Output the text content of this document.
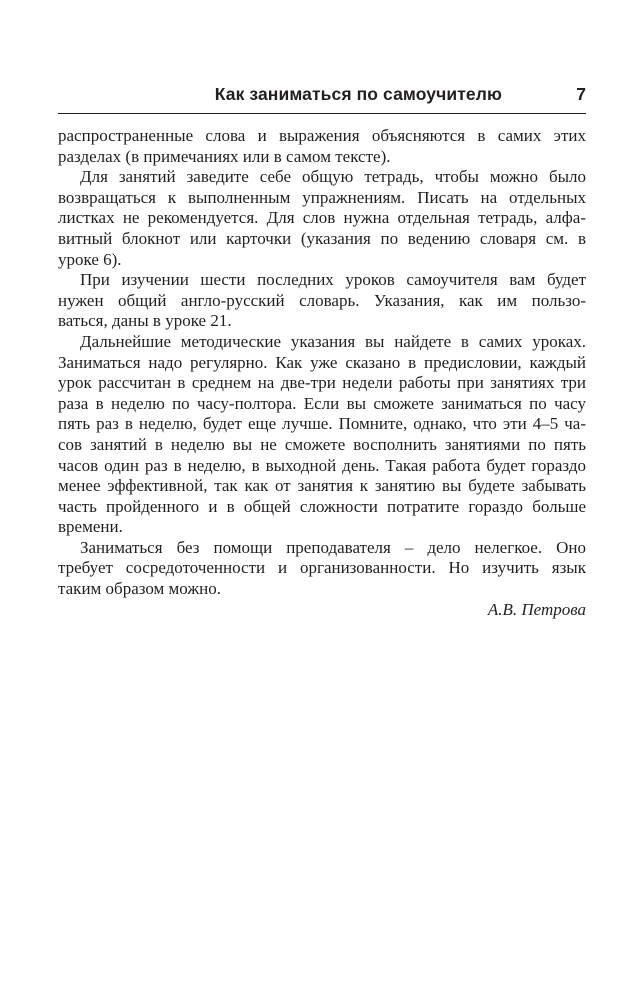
Как заниматься по самоучителю	7
распространенные слова и выражения объясняются в самих этих
разделах (в примечаниях или в самом тексте).
Для занятий заведите себе общую тетрадь, чтобы можно было
возвращаться к выполненным упражнениям. Писать на отдельных
листках не рекомендуется. Для слов нужна отдельная тетрадь, алфа-
витный блокнот или карточки (указания по ведению словаря см. в
уроке 6).
При изучении шести последних уроков самоучителя вам будет
нужен общий англо-русский словарь. Указания, как им пользо-
ваться, даны в уроке 21.
Дальнейшие методические указания вы найдете в самих уроках.
Заниматься надо регулярно. Как уже сказано в предисловии, каждый
урок рассчитан в среднем на две-три недели работы при занятиях три
раза в неделю по часу-полтора. Если вы сможете заниматься по часу
пять раз в неделю, будет еще лучше. Помните, однако, что эти 4–5 ча-
сов занятий в неделю вы не сможете восполнить занятиями по пять
часов один раз в неделю, в выходной день. Такая работа будет гораздо
менее эффективной, так как от занятия к занятию вы будете забывать
часть пройденного и в общей сложности потратите гораздо больше
времени.
Заниматься без помощи преподавателя – дело нелегкое. Оно
требует сосредоточенности и организованности. Но изучить язык
таким образом можно.
А.В. Петрова
